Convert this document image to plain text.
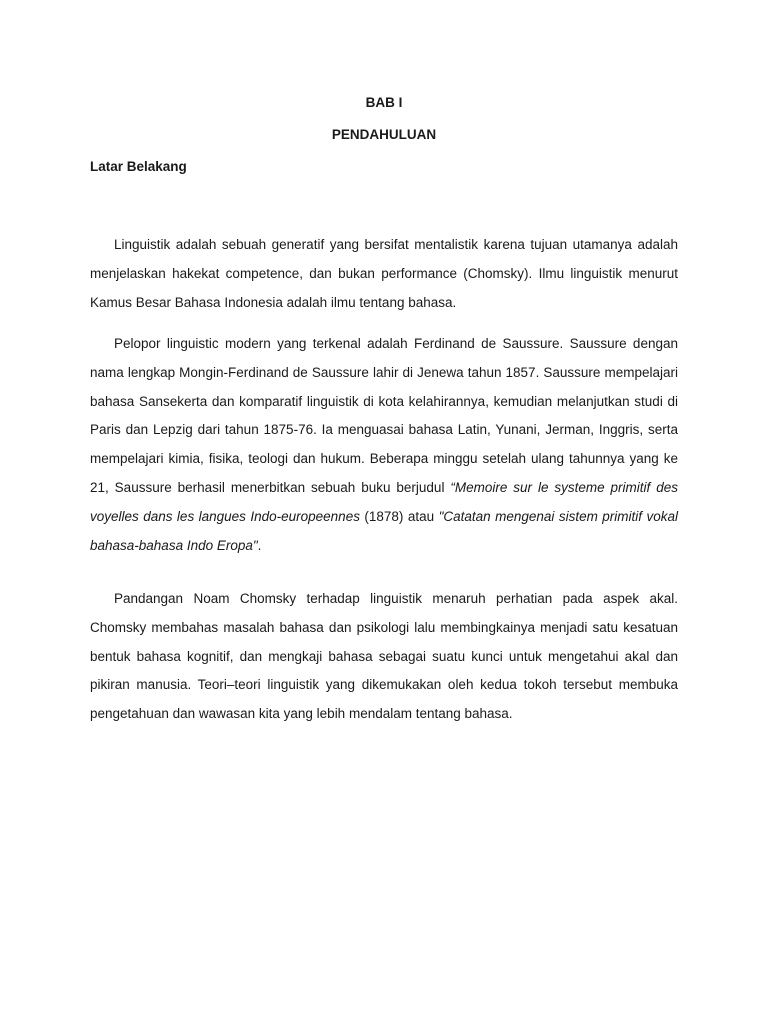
BAB I
PENDAHULUAN
Latar Belakang

Linguistik adalah sebuah generatif yang bersifat mentalistik karena tujuan utamanya adalah menjelaskan hakekat competence, dan bukan performance (Chomsky). Ilmu linguistik menurut Kamus Besar Bahasa Indonesia adalah ilmu tentang bahasa.

Pelopor linguistic modern yang terkenal adalah Ferdinand de Saussure. Saussure dengan nama lengkap Mongin-Ferdinand de Saussure lahir di Jenewa tahun 1857. Saussure mempelajari bahasa Sansekerta dan komparatif linguistik di kota kelahirannya, kemudian melanjutkan studi di Paris dan Lepzig dari tahun 1875-76. Ia menguasai bahasa Latin, Yunani, Jerman, Inggris, serta mempelajari kimia, fisika, teologi dan hukum. Beberapa minggu setelah ulang tahunnya yang ke 21, Saussure berhasil menerbitkan sebuah buku berjudul “Memoire sur le systeme primitif des voyelles dans les langues Indo-europeennes (1878) atau "Catatan mengenai sistem primitif vokal bahasa-bahasa Indo Eropa".

Pandangan Noam Chomsky terhadap linguistik menaruh perhatian pada aspek akal. Chomsky membahas masalah bahasa dan psikologi lalu membingkainya menjadi satu kesatuan bentuk bahasa kognitif, dan mengkaji bahasa sebagai suatu kunci untuk mengetahui akal dan pikiran manusia. Teori–teori linguistik yang dikemukakan oleh kedua tokoh tersebut membuka pengetahuan dan wawasan kita yang lebih mendalam tentang bahasa.
